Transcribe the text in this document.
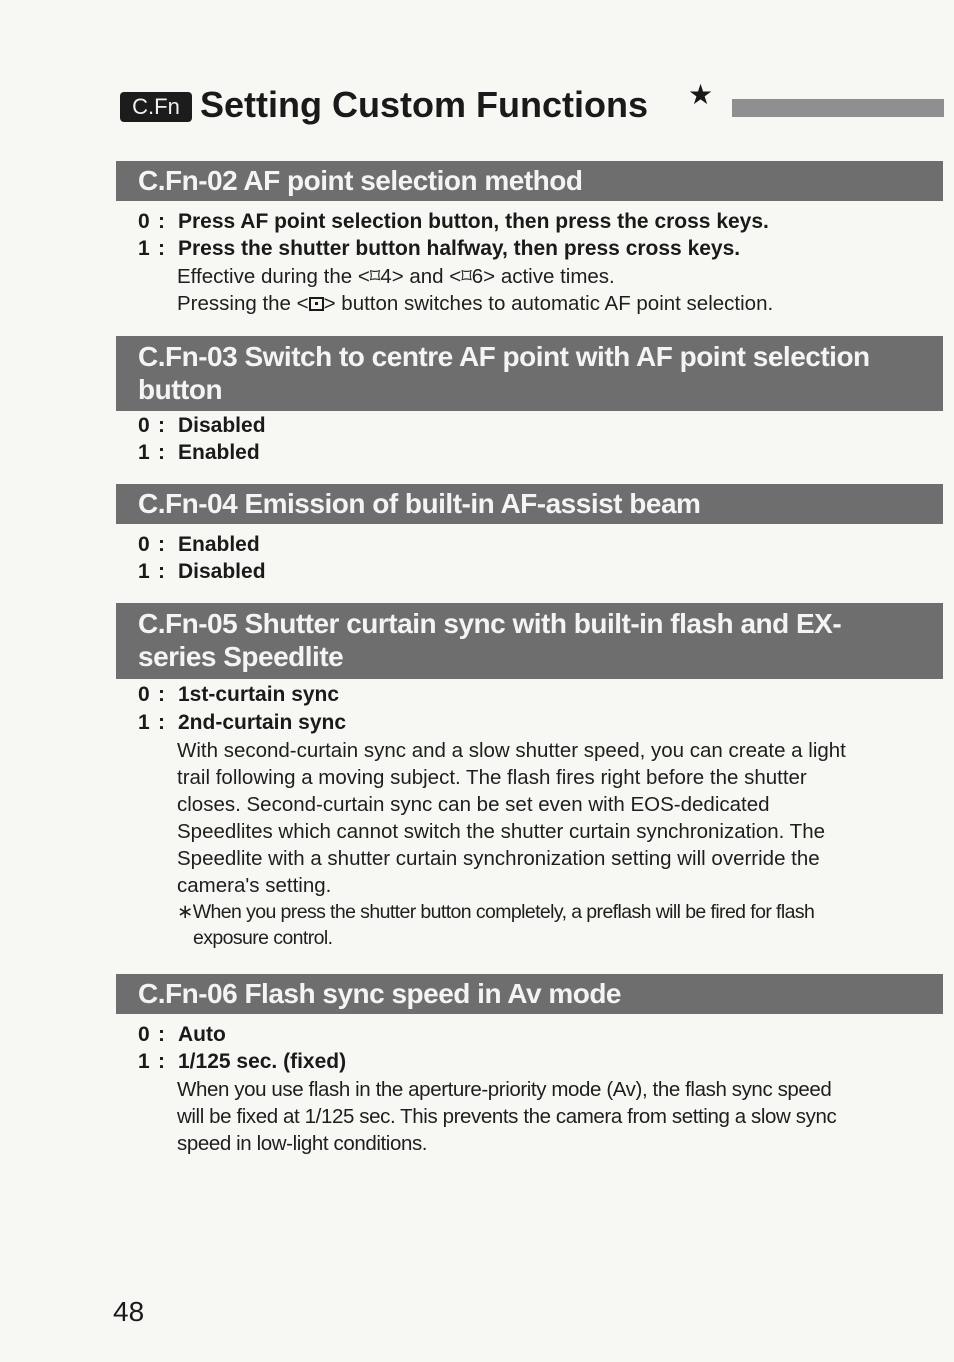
C.Fn Setting Custom Functions ★
C.Fn-02 AF point selection method
0 : Press AF point selection button, then press the cross keys.
1 : Press the shutter button halfway, then press cross keys.
Effective during the <⌑4> and <⌑6> active times.
Pressing the < > button switches to automatic AF point selection.
C.Fn-03 Switch to centre AF point with AF point selection
button
0 : Disabled
1 : Enabled
C.Fn-04 Emission of built-in AF-assist beam
0 : Enabled
1 : Disabled
C.Fn-05 Shutter curtain sync with built-in flash and EX-
series Speedlite
0 : 1st-curtain sync
1 : 2nd-curtain sync
With second-curtain sync and a slow shutter speed, you can create a light
trail following a moving subject. The flash fires right before the shutter
closes. Second-curtain sync can be set even with EOS-dedicated
Speedlites which cannot switch the shutter curtain synchronization. The
Speedlite with a shutter curtain synchronization setting will override the
camera's setting.
∗When you press the shutter button completely, a preflash will be fired for flash
exposure control.
C.Fn-06 Flash sync speed in Av mode
0 : Auto
1 : 1/125 sec. (fixed)
When you use flash in the aperture-priority mode (Av), the flash sync speed
will be fixed at 1/125 sec. This prevents the camera from setting a slow sync
speed in low-light conditions.
48
